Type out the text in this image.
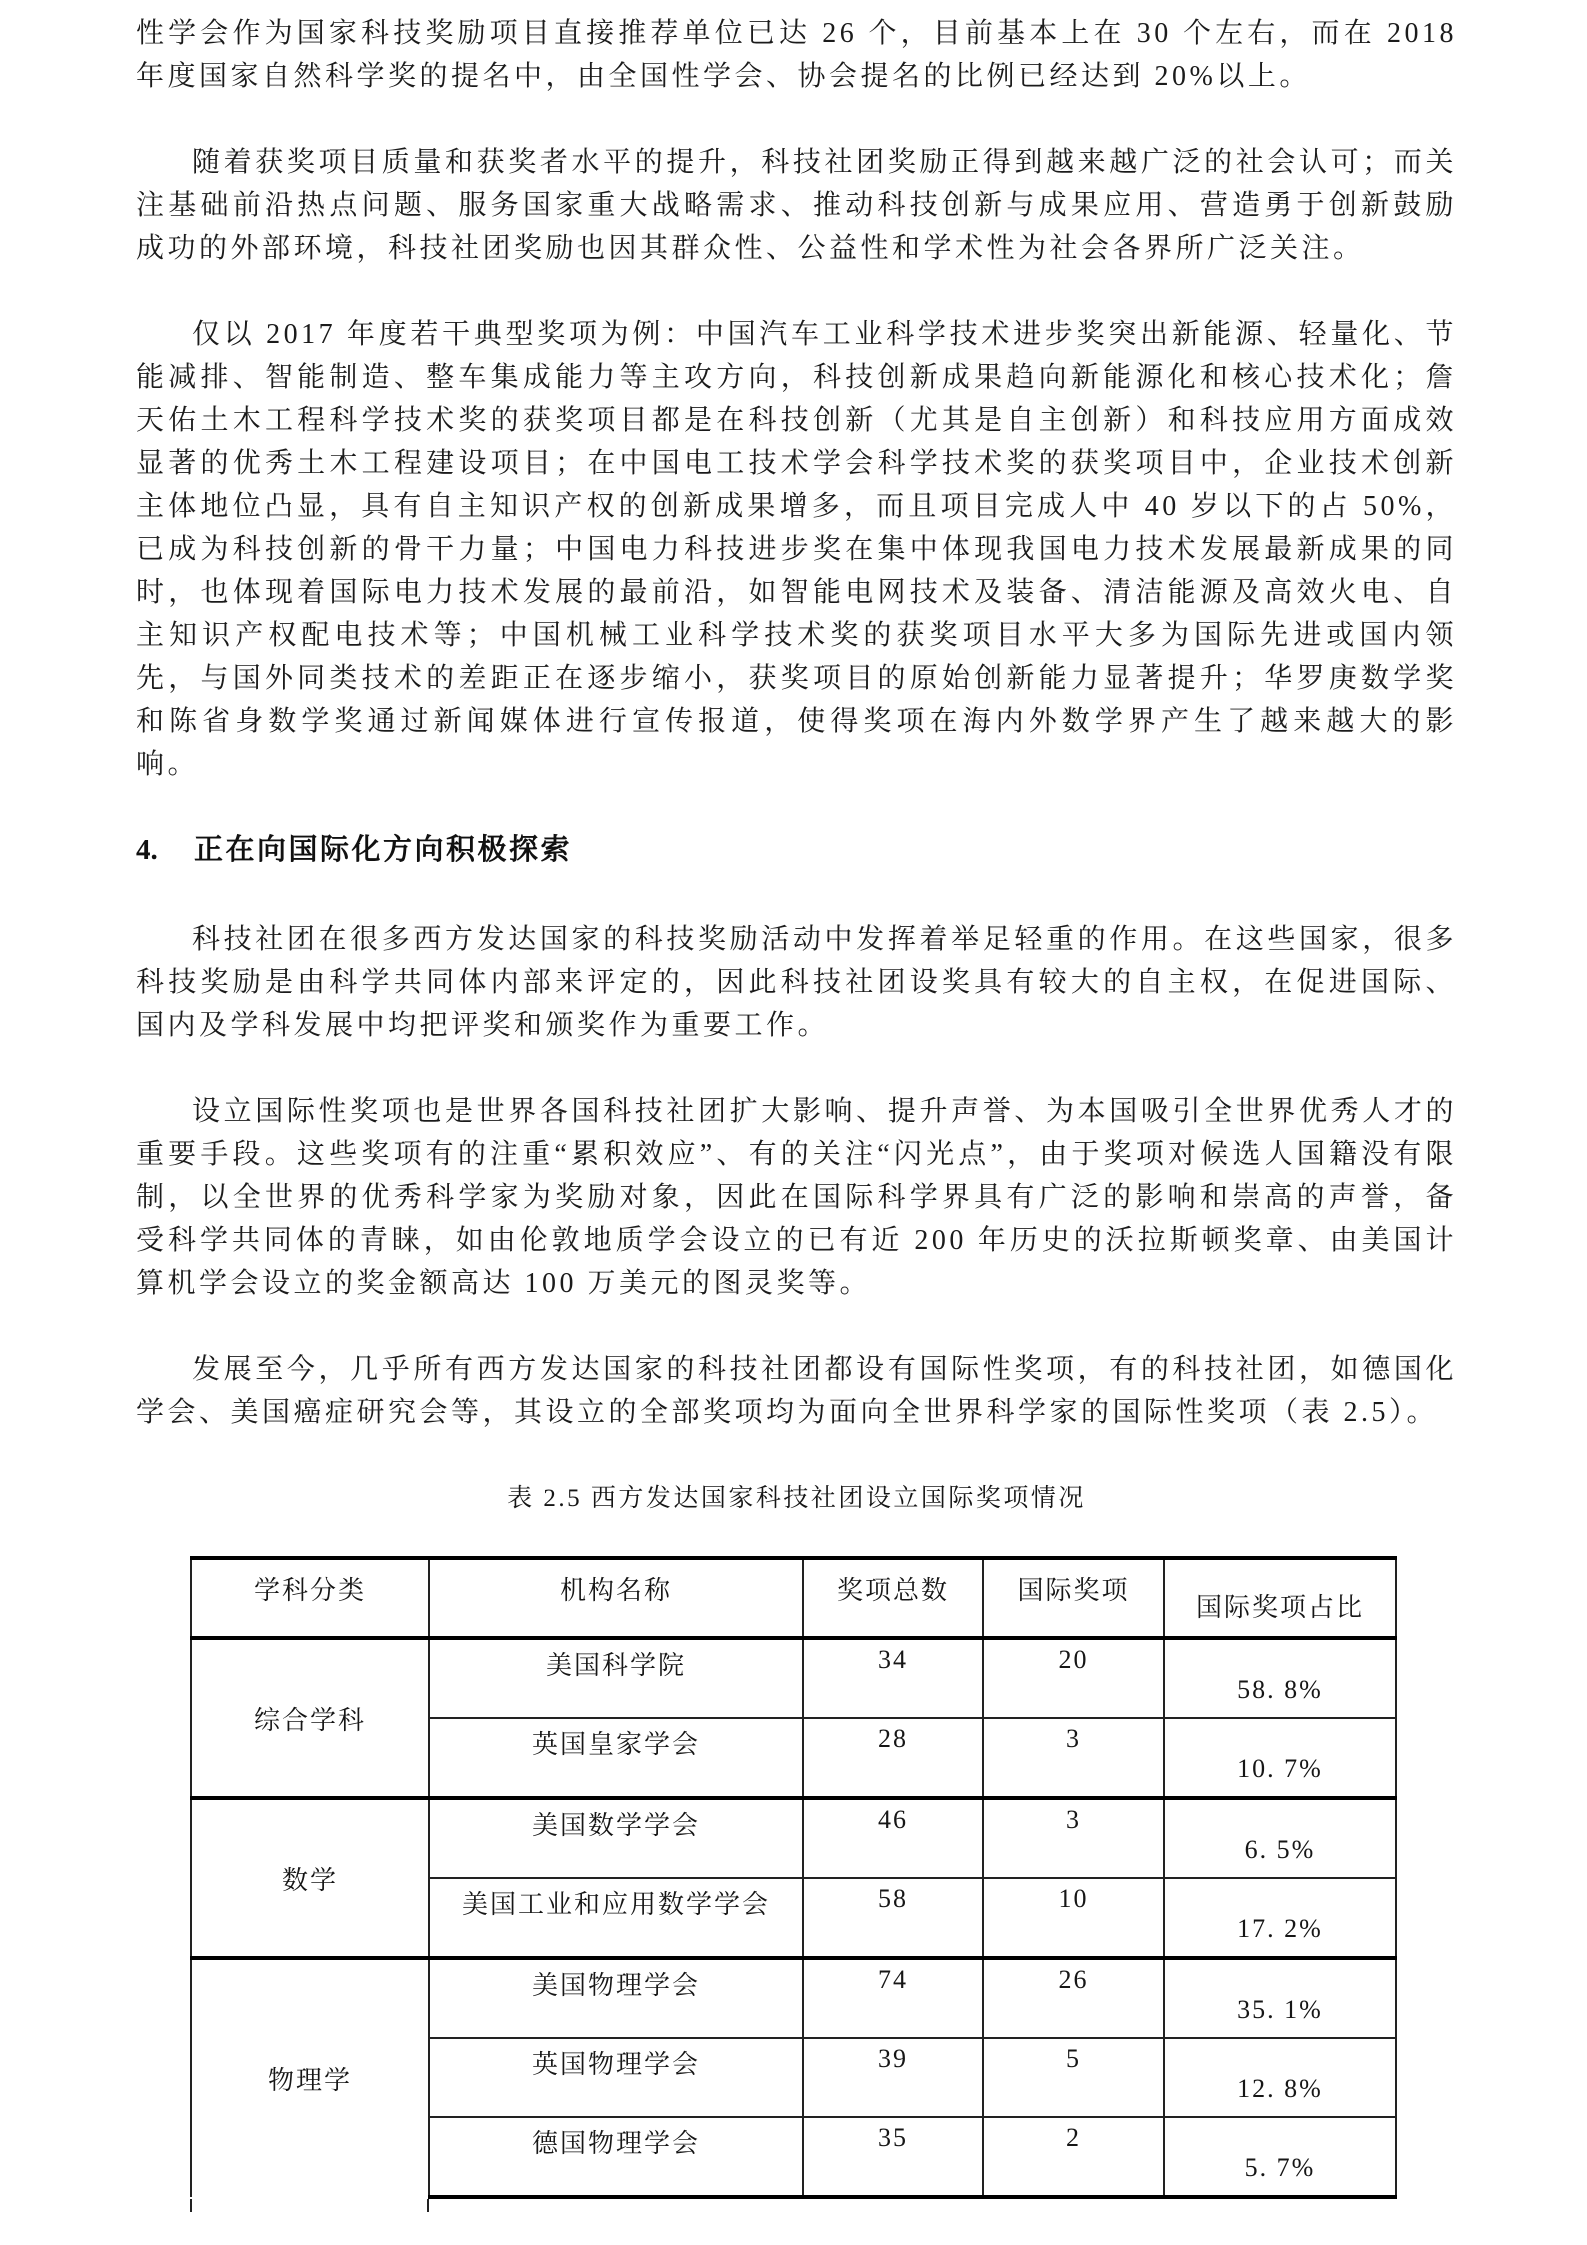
性学会作为国家科技奖励项目直接推荐单位已达 26 个，目前基本上在 30 个左右，而在 2018 年度国家自然科学奖的提名中，由全国性学会、协会提名的比例已经达到 20%以上。

随着获奖项目质量和获奖者水平的提升，科技社团奖励正得到越来越广泛的社会认可；而关注基础前沿热点问题、服务国家重大战略需求、推动科技创新与成果应用、营造勇于创新鼓励成功的外部环境，科技社团奖励也因其群众性、公益性和学术性为社会各界所广泛关注。

仅以 2017 年度若干典型奖项为例：中国汽车工业科学技术进步奖突出新能源、轻量化、节能减排、智能制造、整车集成能力等主攻方向，科技创新成果趋向新能源化和核心技术化；詹天佑土木工程科学技术奖的获奖项目都是在科技创新（尤其是自主创新）和科技应用方面成效显著的优秀土木工程建设项目；在中国电工技术学会科学技术奖的获奖项目中，企业技术创新主体地位凸显，具有自主知识产权的创新成果增多，而且项目完成人中 40 岁以下的占 50%，已成为科技创新的骨干力量；中国电力科技进步奖在集中体现我国电力技术发展最新成果的同时，也体现着国际电力技术发展的最前沿，如智能电网技术及装备、清洁能源及高效火电、自主知识产权配电技术等；中国机械工业科学技术奖的获奖项目水平大多为国际先进或国内领先，与国外同类技术的差距正在逐步缩小，获奖项目的原始创新能力显著提升；华罗庚数学奖和陈省身数学奖通过新闻媒体进行宣传报道，使得奖项在海内外数学界产生了越来越大的影响。

4.	正在向国际化方向积极探索

科技社团在很多西方发达国家的科技奖励活动中发挥着举足轻重的作用。在这些国家，很多科技奖励是由科学共同体内部来评定的，因此科技社团设奖具有较大的自主权，在促进国际、国内及学科发展中均把评奖和颁奖作为重要工作。

设立国际性奖项也是世界各国科技社团扩大影响、提升声誉、为本国吸引全世界优秀人才的重要手段。这些奖项有的注重“累积效应”、有的关注“闪光点”，由于奖项对候选人国籍没有限制，以全世界的优秀科学家为奖励对象，因此在国际科学界具有广泛的影响和崇高的声誉，备受科学共同体的青睐，如由伦敦地质学会设立的已有近 200 年历史的沃拉斯顿奖章、由美国计算机学会设立的奖金额高达 100 万美元的图灵奖等。

发展至今，几乎所有西方发达国家的科技社团都设有国际性奖项，有的科技社团，如德国化学会、美国癌症研究会等，其设立的全部奖项均为面向全世界科学家的国际性奖项（表 2.5）。

表 2.5 西方发达国家科技社团设立国际奖项情况
学科分类	机构名称	奖项总数	国际奖项	国际奖项占比
综合学科	美国科学院	34	20	58. 8%
	英国皇家学会	28	3	10. 7%
数学	美国数学学会	46	3	6. 5%
	美国工业和应用数学学会	58	10	17. 2%
物理学	美国物理学会	74	26	35. 1%
	英国物理学会	39	5	12. 8%
	德国物理学会	35	2	5. 7%
